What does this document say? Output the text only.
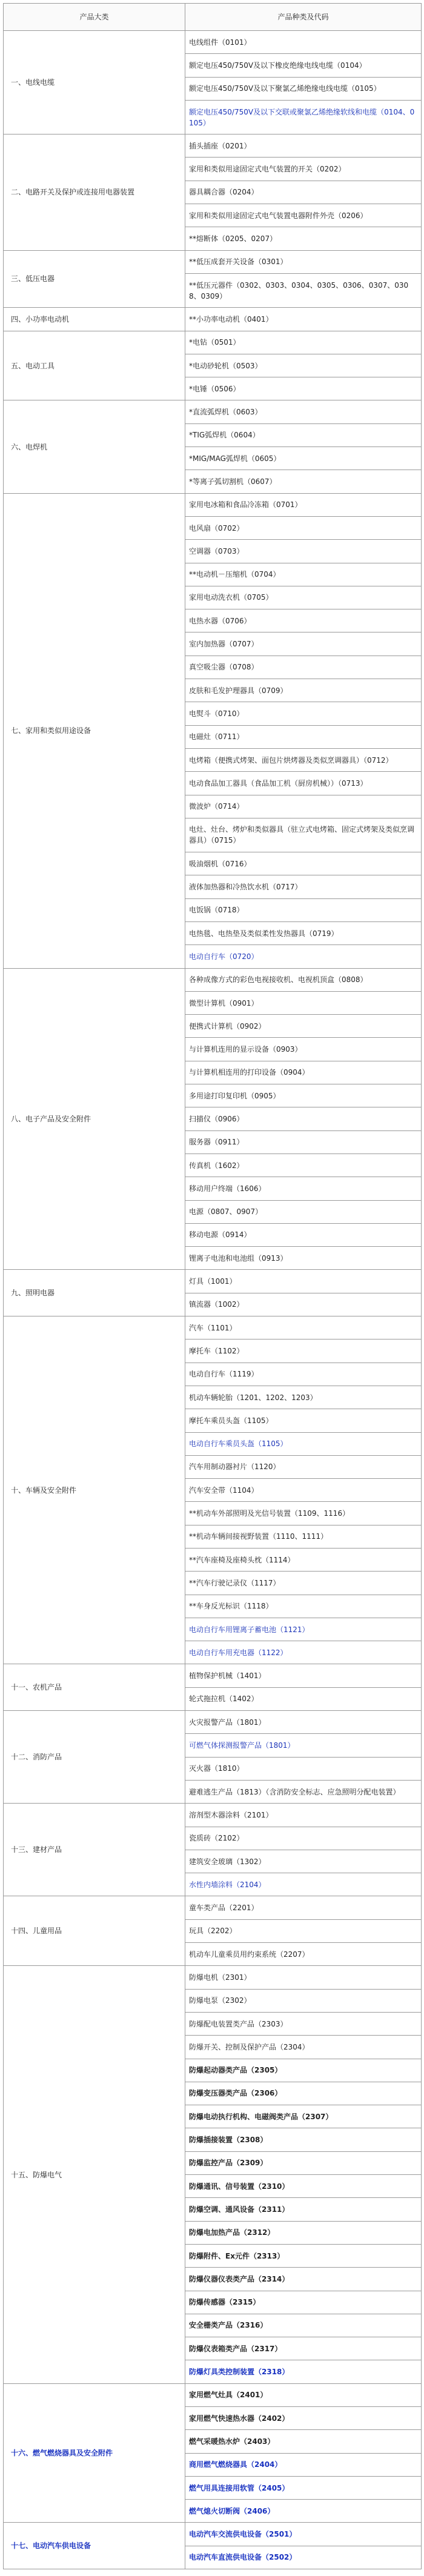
产品大类	产品种类及代码
一、电线电缆	电线组件（0101）
	额定电压450/750V及以下橡皮绝缘电线电缆（0104）
	额定电压450/750V及以下聚氯乙烯绝缘电线电缆（0105）
	额定电压450/750V及以下交联或聚氯乙烯绝缘软线和电缆（0104、0105）
二、电路开关及保护或连接用电器装置	插头插座（0201）
	家用和类似用途固定式电气装置的开关（0202）
	器具耦合器（0204）
	家用和类似用途固定式电气装置电器附件外壳（0206）
	**熔断体（0205、0207）
三、低压电器	**低压成套开关设备（0301）
	**低压元器件（0302、0303、0304、0305、0306、0307、0308、0309）
四、小功率电动机	**小功率电动机（0401）
五、电动工具	*电钻（0501）
	*电动砂轮机（0503）
	*电锤（0506）
六、电焊机	*直流弧焊机（0603）
	*TIG弧焊机（0604）
	*MIG/MAG弧焊机（0605）
	*等离子弧切割机（0607）
七、家用和类似用途设备	家用电冰箱和食品冷冻箱（0701）
	电风扇（0702）
	空调器（0703）
	**电动机－压缩机（0704）
	家用电动洗衣机（0705）
	电热水器（0706）
	室内加热器（0707）
	真空吸尘器（0708）
	皮肤和毛发护理器具（0709）
	电熨斗（0710）
	电磁灶（0711）
	电烤箱（便携式烤架、面包片烘烤器及类似烹调器具）（0712）
	电动食品加工器具（食品加工机（厨房机械））（0713）
	微波炉（0714）
	电灶、灶台、烤炉和类似器具（驻立式电烤箱、固定式烤架及类似烹调器具）（0715）
	吸油烟机（0716）
	液体加热器和冷热饮水机（0717）
	电饭锅（0718）
	电热毯、电热垫及类似柔性发热器具（0719）
	电动自行车（0720）
八、电子产品及安全附件	各种成像方式的彩色电视接收机、电视机顶盒（0808）
	微型计算机（0901）
	便携式计算机（0902）
	与计算机连用的显示设备（0903）
	与计算机相连用的打印设备（0904）
	多用途打印复印机（0905）
	扫描仪（0906）
	服务器（0911）
	传真机（1602）
	移动用户终端（1606）
	电源（0807、0907）
	移动电源（0914）
	锂离子电池和电池组（0913）
九、照明电器	灯具（1001）
	镇流器（1002）
十、车辆及安全附件	汽车（1101）
	摩托车（1102）
	电动自行车（1119）
	机动车辆轮胎（1201、1202、1203）
	摩托车乘员头盔（1105）
	电动自行车乘员头盔（1105）
	汽车用制动器衬片（1120）
	汽车安全带（1104）
	**机动车外部照明及光信号装置（1109、1116）
	**机动车辆间接视野装置（1110、1111）
	**汽车座椅及座椅头枕（1114）
	**汽车行驶记录仪（1117）
	**车身反光标识（1118）
	电动自行车用锂离子蓄电池（1121）
	电动自行车用充电器（1122）
十一、农机产品	植物保护机械（1401）
	轮式拖拉机（1402）
十二、消防产品	火灾报警产品（1801）
	可燃气体探测报警产品（1801）
	灭火器（1810）
	避难逃生产品（1813）（含消防安全标志、应急照明分配电装置）
十三、建材产品	溶剂型木器涂料（2101）
	瓷质砖（2102）
	建筑安全玻璃（1302）
	水性内墙涂料（2104）
十四、儿童用品	童车类产品（2201）
	玩具（2202）
	机动车儿童乘员用约束系统（2207）
十五、防爆电气	防爆电机（2301）
	防爆电泵（2302）
	防爆配电装置类产品（2303）
	防爆开关、控制及保护产品（2304）
	防爆起动器类产品（2305）
	防爆变压器类产品（2306）
	防爆电动执行机构、电磁阀类产品（2307）
	防爆插接装置（2308）
	防爆监控产品（2309）
	防爆通讯、信号装置（2310）
	防爆空调、通风设备（2311）
	防爆电加热产品（2312）
	防爆附件、Ex元件（2313）
	防爆仪器仪表类产品（2314）
	防爆传感器（2315）
	安全栅类产品（2316）
	防爆仪表箱类产品（2317）
	防爆灯具类控制装置（2318）
十六、燃气燃烧器具及安全附件	家用燃气灶具（2401）
	家用燃气快速热水器（2402）
	燃气采暖热水炉（2403）
	商用燃气燃烧器具（2404）
	燃气用具连接用软管（2405）
	燃气熄火切断阀（2406）
十七、电动汽车供电设备	电动汽车交流供电设备（2501）
	电动汽车直流供电设备（2502）
